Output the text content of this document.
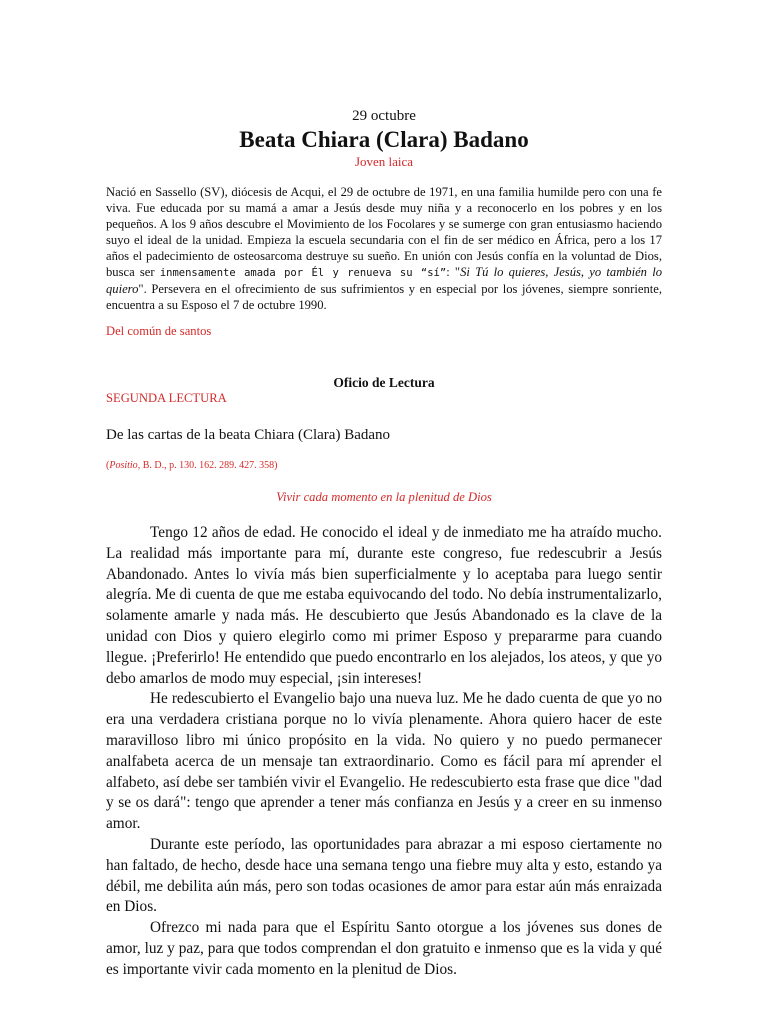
29 octubre
Beata Chiara (Clara) Badano
Joven laica

Nació en Sassello (SV), diócesis de Acqui, el 29 de octubre de 1971, en una familia humilde pero con una fe viva. Fue educada por su mamá a amar a Jesús desde muy niña y a reconocerlo en los pobres y en los pequeños. A los 9 años descubre el Movimiento de los Focolares y se sumerge con gran entusiasmo haciendo suyo el ideal de la unidad. Empieza la escuela secundaria con el fin de ser médico en África, pero a los 17 años el padecimiento de osteosarcoma destruye su sueño. En unión con Jesús confía en la voluntad de Dios, busca ser inmensamente amada por Él y renueva su “sí”: "Si Tú lo quieres, Jesús, yo también lo quiero". Persevera en el ofrecimiento de sus sufrimientos y en especial por los jóvenes, siempre sonriente, encuentra a su Esposo el 7 de octubre 1990.

Del común de santos
Oficio de Lectura
SEGUNDA LECTURA
De las cartas de la beata Chiara (Clara) Badano
(Positio, B. D., p. 130. 162. 289. 427. 358)
Vivir cada momento en la plenitud de Dios

Tengo 12 años de edad. He conocido el ideal y de inmediato me ha atraído mucho. La realidad más importante para mí, durante este congreso, fue redescubrir a Jesús Abandonado. Antes lo vivía más bien superficialmente y lo aceptaba para luego sentir alegría. Me di cuenta de que me estaba equivocando del todo. No debía instrumentalizarlo, solamente amarle y nada más. He descubierto que Jesús Abandonado es la clave de la unidad con Dios y quiero elegirlo como mi primer Esposo y prepararme para cuando llegue. ¡Preferirlo! He entendido que puedo encontrarlo en los alejados, los ateos, y que yo debo amarlos de modo muy especial, ¡sin intereses!

He redescubierto el Evangelio bajo una nueva luz. Me he dado cuenta de que yo no era una verdadera cristiana porque no lo vivía plenamente. Ahora quiero hacer de este maravilloso libro mi único propósito en la vida. No quiero y no puedo permanecer analfabeta acerca de un mensaje tan extraordinario. Como es fácil para mí aprender el alfabeto, así debe ser también vivir el Evangelio. He redescubierto esta frase que dice "dad y se os dará": tengo que aprender a tener más confianza en Jesús y a creer en su inmenso amor.

Durante este período, las oportunidades para abrazar a mi esposo ciertamente no han faltado, de hecho, desde hace una semana tengo una fiebre muy alta y esto, estando ya débil, me debilita aún más, pero son todas ocasiones de amor para estar aún más enraizada en Dios.

Ofrezco mi nada para que el Espíritu Santo otorgue a los jóvenes sus dones de amor, luz y paz, para que todos comprendan el don gratuito e inmenso que es la vida y qué es importante vivir cada momento en la plenitud de Dios.
